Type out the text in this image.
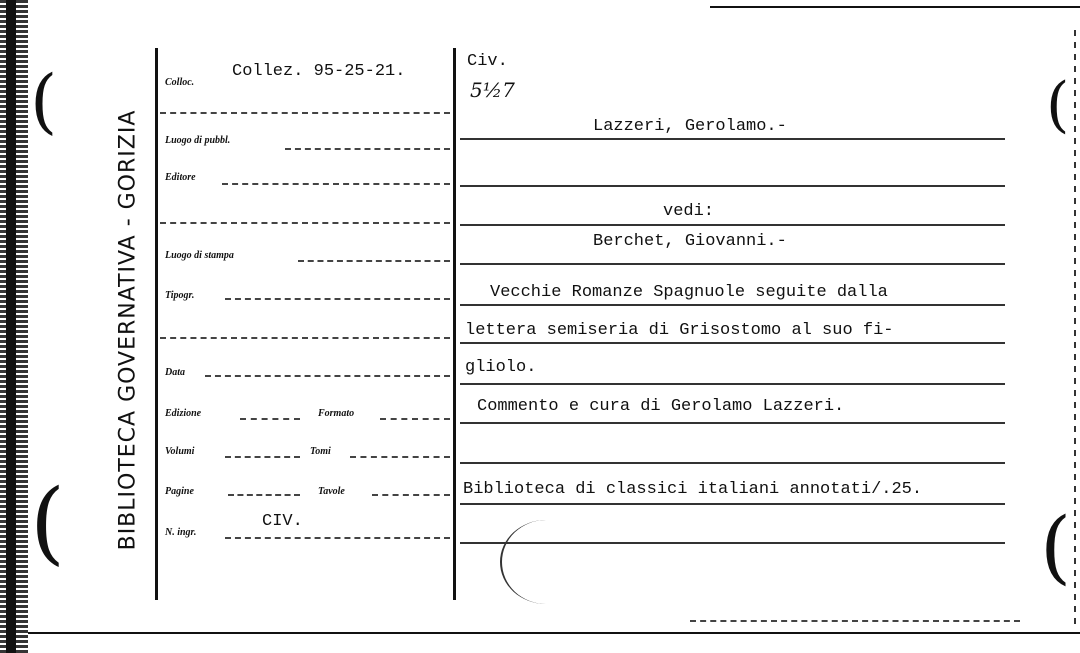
(
(
(
(
BIBLIOTECA GOVERNATIVA - GORIZIA
Colloc.
Collez. 95-25-21.
Luogo di pubbl.
Editore
Luogo di stampa
Tipogr.
Data
Edizione	Formato
Volumi	Tomi
Pagine	Tavole
N. ingr.
CIV.
Civ.
5½7
Lazzeri, Gerolamo.-
vedi:
Berchet, Giovanni.-
Vecchie Romanze Spagnuole seguite dalla
lettera semiseria di Grisostomo al suo fi-
gliolo.
Commento e cura di Gerolamo Lazzeri.
Biblioteca di classici italiani annotati/.25.
